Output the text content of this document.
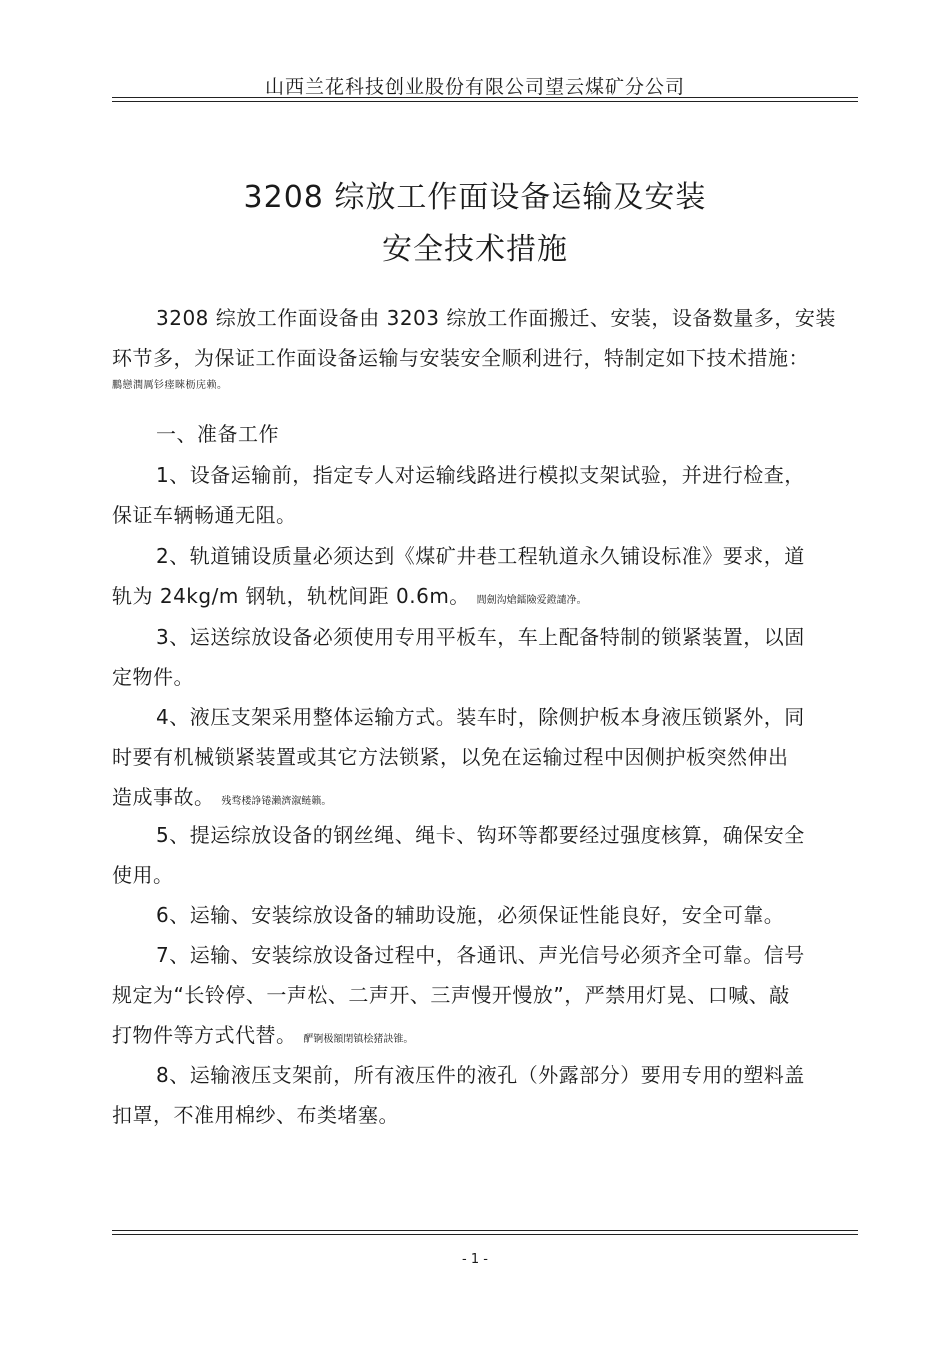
山西兰花科技创业股份有限公司望云煤矿分公司
3208 综放工作面设备运输及安装
安全技术措施
3208 综放工作面设备由 3203 综放工作面搬迁、安装，设备数量多，安装
环节多，为保证工作面设备运输与安装安全顺利进行，特制定如下技术措施：
鵬戀潤厲钐瘗睞枥庑赖。
一、准备工作
1、设备运输前，指定专人对运输线路进行模拟支架试验，并进行检查，
保证车辆畅通无阻。
2、轨道铺设质量必须达到《煤矿井巷工程轨道永久铺设标准》要求，道
轨为 24kg/m 钢轨，轨枕间距 0.6m。 閭劍沟熗鐳險爱鐙譴净。
3、运送综放设备必须使用专用平板车，车上配备特制的锁紧装置，以固
定物件。
4、液压支架采用整体运输方式。装车时，除侧护板本身液压锁紧外，同
时要有机械锁紧装置或其它方法锁紧，以免在运输过程中因侧护板突然伸出
造成事故。 残骛楼諍锩瀨濟溆鲢籟。
5、提运综放设备的钢丝绳、绳卡、钩环等都要经过强度核算，确保安全
使用。
6、运输、安装综放设备的辅助设施，必须保证性能良好，安全可靠。
7、运输、安装综放设备过程中，各通讯、声光信号必须齐全可靠。信号
规定为“长铃停、一声松、二声开、三声慢开慢放”，严禁用灯晃、口喊、敲
打物件等方式代替。 酽锕极額閉镇桧猪訣锥。
8、运输液压支架前，所有液压件的液孔（外露部分）要用专用的塑料盖
扣罩，不准用棉纱、布类堵塞。
- 1 -
